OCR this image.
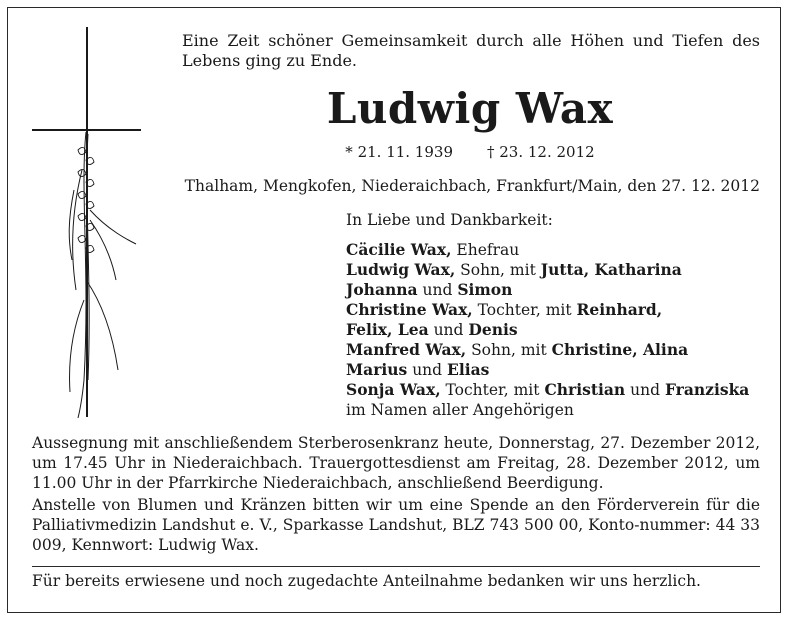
Eine Zeit schöner Gemeinsamkeit durch alle Höhen und Tiefen des Lebens ging zu Ende.
Ludwig Wax
* 21. 11. 1939 † 23. 12. 2012
Thalham, Mengkofen, Niederaichbach, Frankfurt/Main, den 27. 12. 2012
In Liebe und Dankbarkeit:
Cäcilie Wax, Ehefrau
Ludwig Wax, Sohn, mit Jutta, Katharina
Johanna und Simon
Christine Wax, Tochter, mit Reinhard,
Felix, Lea und Denis
Manfred Wax, Sohn, mit Christine, Alina
Marius und Elias
Sonja Wax, Tochter, mit Christian und Franziska
im Namen aller Angehörigen

Aussegnung mit anschließendem Sterberosenkranz heute, Donnerstag, 27. Dezember 2012, um 17.45 Uhr in Niederaichbach. Trauergottesdienst am Freitag, 28. Dezember 2012, um 11.00 Uhr in der Pfarrkirche Niederaichbach, anschließend Beerdigung.

Anstelle von Blumen und Kränzen bitten wir um eine Spende an den Förderverein für die Palliativmedizin Landshut e. V., Sparkasse Landshut, BLZ 743 500 00, Konto-nummer: 44 33 009, Kennwort: Ludwig Wax.

Für bereits erwiesene und noch zugedachte Anteilnahme bedanken wir uns herzlich.
